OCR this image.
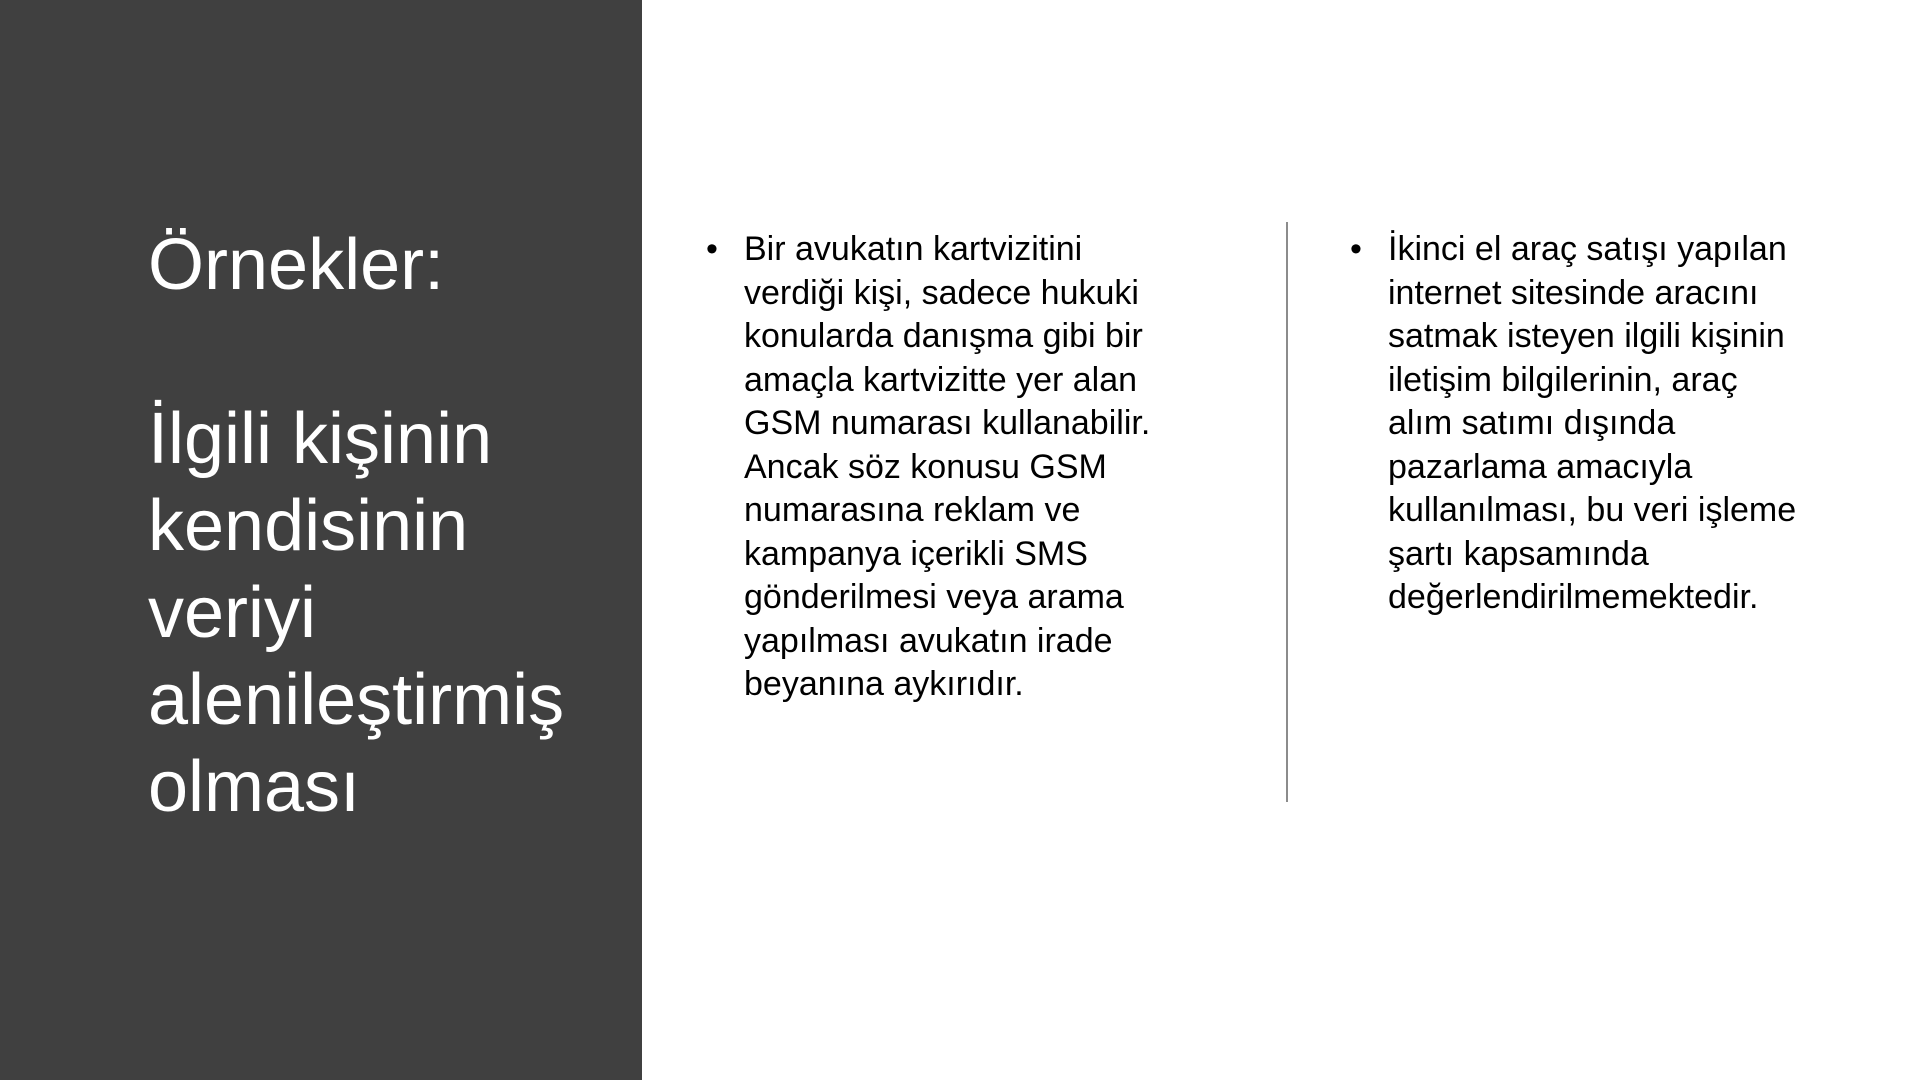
Örnekler:
İlgili kişinin
kendisinin
veriyi
alenileştirmiş
olması
• Bir avukatın kartvizitini
verdiği kişi, sadece hukuki
konularda danışma gibi bir
amaçla kartvizitte yer alan
GSM numarası kullanabilir.
Ancak söz konusu GSM
numarasına reklam ve
kampanya içerikli SMS
gönderilmesi veya arama
yapılması avukatın irade
beyanına aykırıdır.
• İkinci el araç satışı yapılan
internet sitesinde aracını
satmak isteyen ilgili kişinin
iletişim bilgilerinin, araç
alım satımı dışında
pazarlama amacıyla
kullanılması, bu veri işleme
şartı kapsamında
değerlendirilmemektedir.
